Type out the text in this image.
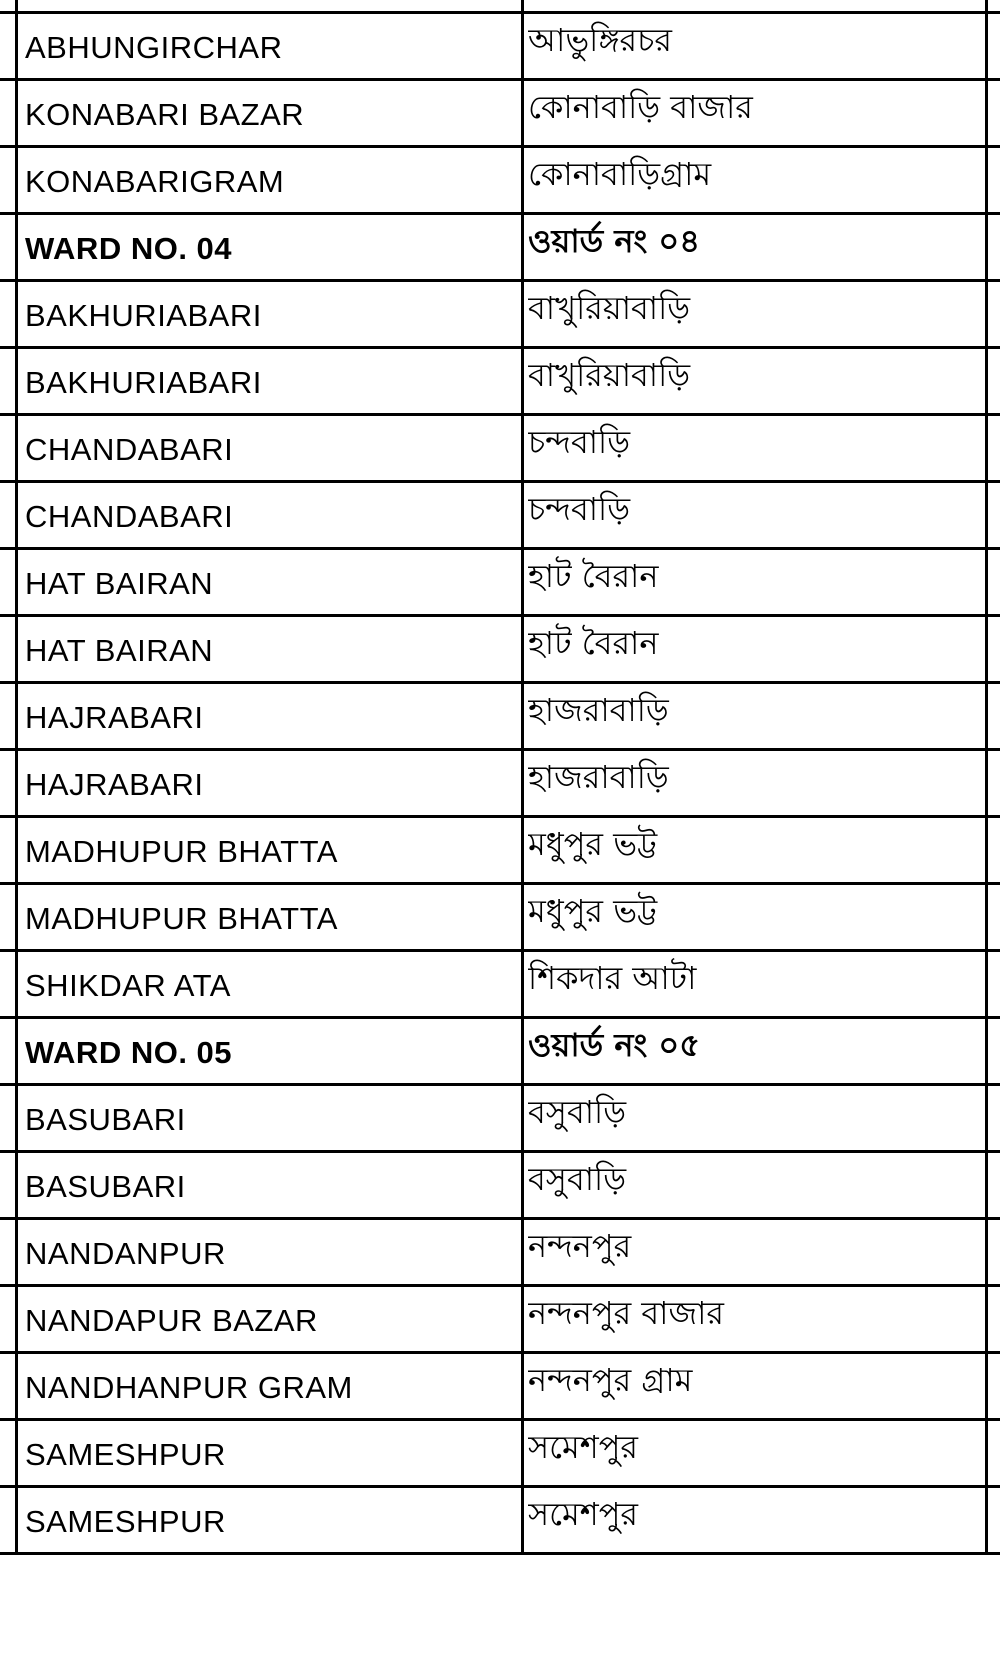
ABHUNGIRCHAR	আভুঙ্গিরচর
KONABARI BAZAR	কোনাবাড়ি বাজার
KONABARIGRAM	কোনাবাড়িগ্রাম
WARD NO. 04	ওয়ার্ড নং ০৪
BAKHURIABARI	বাখুরিয়াবাড়ি
BAKHURIABARI	বাখুরিয়াবাড়ি
CHANDABARI	চন্দবাড়ি
CHANDABARI	চন্দবাড়ি
HAT BAIRAN	হাট বৈরান
HAT BAIRAN	হাট বৈরান
HAJRABARI	হাজরাবাড়ি
HAJRABARI	হাজরাবাড়ি
MADHUPUR BHATTA	মধুপুর ভট্ট
MADHUPUR BHATTA	মধুপুর ভট্ট
SHIKDAR ATA	শিকদার আটা
WARD NO. 05	ওয়ার্ড নং ০৫
BASUBARI	বসুবাড়ি
BASUBARI	বসুবাড়ি
NANDANPUR	নন্দনপুর
NANDAPUR BAZAR	নন্দনপুর বাজার
NANDHANPUR GRAM	নন্দনপুর গ্রাম
SAMESHPUR	সমেশপুর
SAMESHPUR	সমেশপুর
